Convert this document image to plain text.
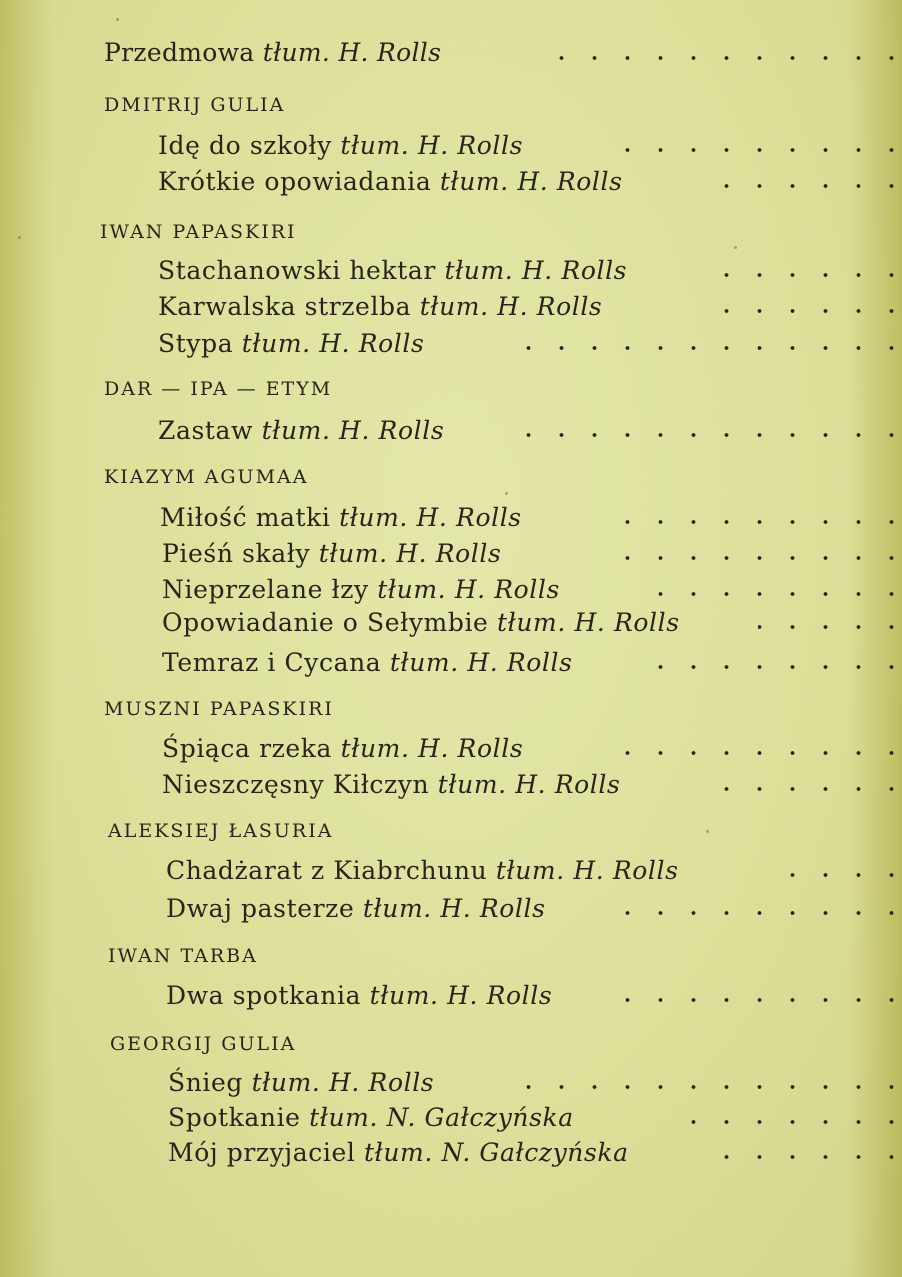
Przedmowa tłum. H. Rolls
DMITRIJ GULIA
Idę do szkoły tłum. H. Rolls
Krótkie opowiadania tłum. H. Rolls
IWAN PAPASKIRI
Stachanowski hektar tłum. H. Rolls
Karwalska strzelba tłum. H. Rolls
Stypa tłum. H. Rolls
DAR — IPA — ETYM
Zastaw tłum. H. Rolls
KIAZYM AGUMAA
Miłość matki tłum. H. Rolls
Pieśń skały tłum. H. Rolls
Nieprzelane łzy tłum. H. Rolls
Opowiadanie o Sełymbie tłum. H. Rolls
Temraz i Cycana tłum. H. Rolls
MUSZNI PAPASKIRI
Śpiąca rzeka tłum. H. Rolls
Nieszczęsny Kiłczyn tłum. H. Rolls
ALEKSIEJ ŁASURIA
Chadżarat z Kiabrchunu tłum. H. Rolls
Dwaj pasterze tłum. H. Rolls
IWAN TARBA
Dwa spotkania tłum. H. Rolls
GEORGIJ GULIA
Śnieg tłum. H. Rolls
Spotkanie tłum. N. Gałczyńska
Mój przyjaciel tłum. N. Gałczyńska
